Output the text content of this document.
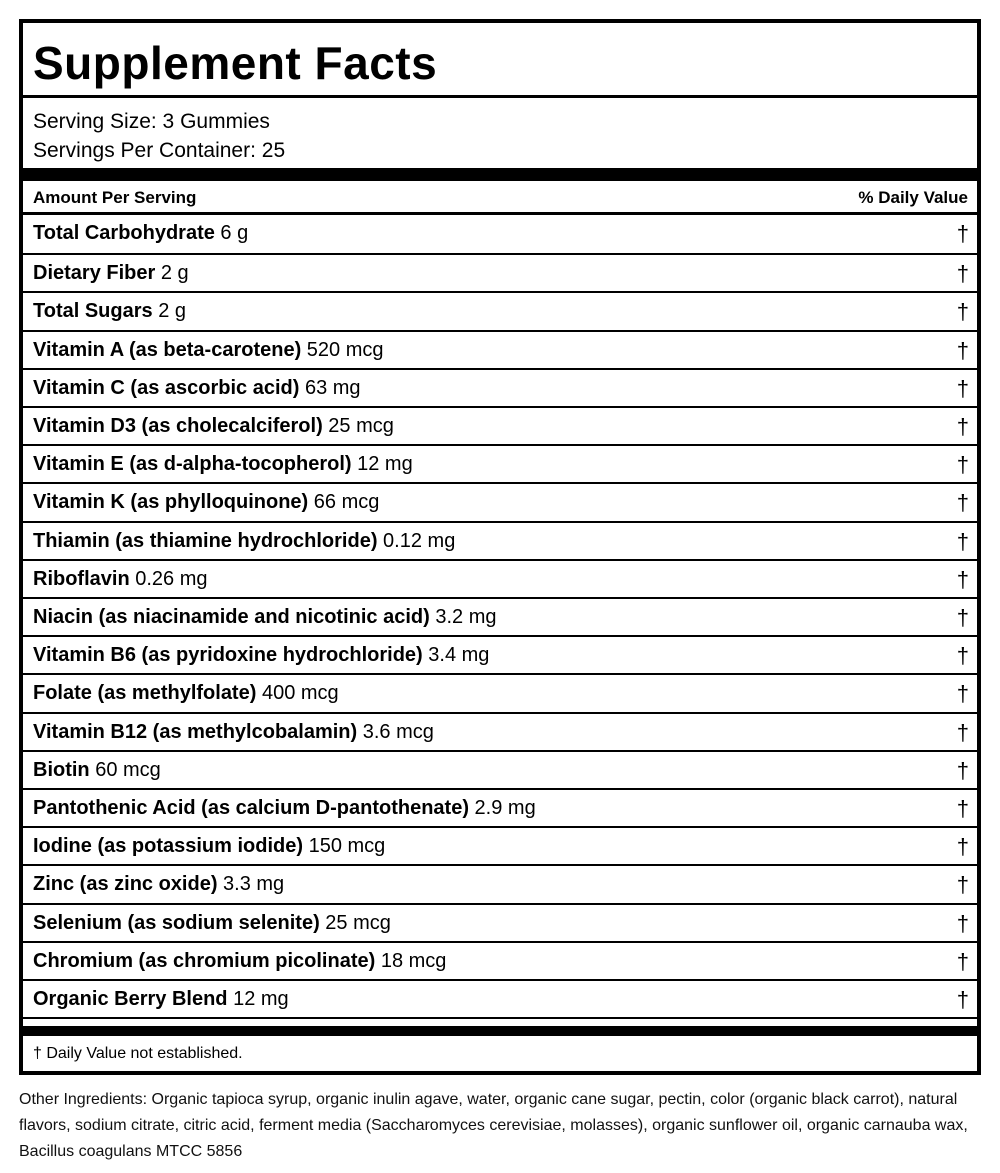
Supplement Facts
Serving Size: 3 Gummies
Servings Per Container: 25
Amount Per Serving	% Daily Value
Total Carbohydrate 6 g	†
Dietary Fiber 2 g	†
Total Sugars 2 g	†
Vitamin A (as beta-carotene) 520 mcg	†
Vitamin C (as ascorbic acid) 63 mg	†
Vitamin D3 (as cholecalciferol) 25 mcg	†
Vitamin E (as d-alpha-tocopherol) 12 mg	†
Vitamin K (as phylloquinone) 66 mcg	†
Thiamin (as thiamine hydrochloride) 0.12 mg	†
Riboflavin 0.26 mg	†
Niacin (as niacinamide and nicotinic acid) 3.2 mg	†
Vitamin B6 (as pyridoxine hydrochloride) 3.4 mg	†
Folate (as methylfolate) 400 mcg	†
Vitamin B12 (as methylcobalamin) 3.6 mcg	†
Biotin 60 mcg	†
Pantothenic Acid (as calcium D-pantothenate) 2.9 mg	†
Iodine (as potassium iodide) 150 mcg	†
Zinc (as zinc oxide) 3.3 mg	†
Selenium (as sodium selenite) 25 mcg	†
Chromium (as chromium picolinate) 18 mcg	†
Organic Berry Blend 12 mg	†
† Daily Value not established.
Other Ingredients: Organic tapioca syrup, organic inulin agave, water, organic cane sugar, pectin, color (organic black carrot), natural flavors, sodium citrate, citric acid, ferment media (Saccharomyces cerevisiae, molasses), organic sunflower oil, organic carnauba wax, Bacillus coagulans MTCC 5856
